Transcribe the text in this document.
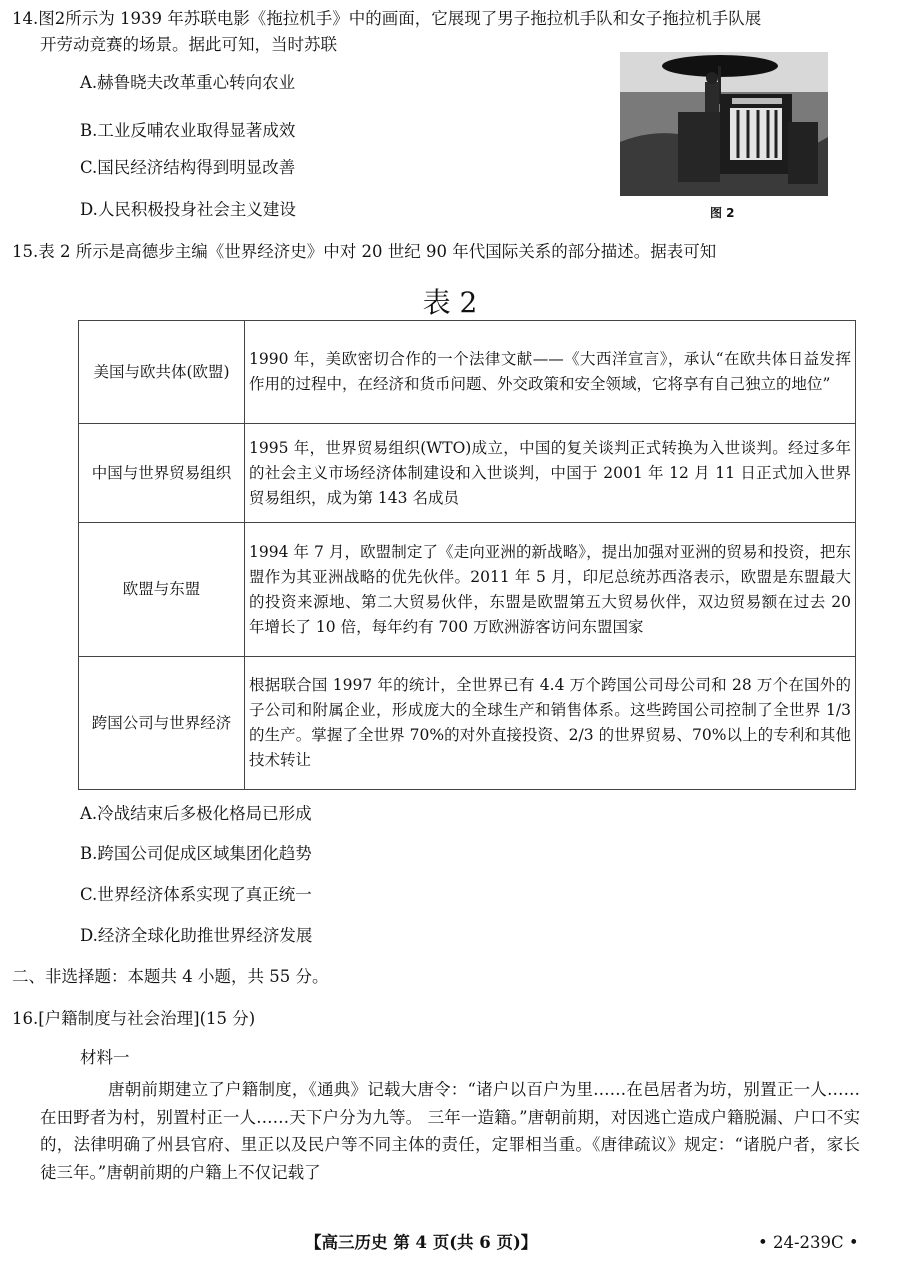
14.图2所示为 1939 年苏联电影《拖拉机手》中的画面，它展现了男子拖拉机手队和女子拖拉机手队展
开劳动竞赛的场景。据此可知，当时苏联
A.赫鲁晓夫改革重心转向农业
B.工业反哺农业取得显著成效
C.国民经济结构得到明显改善
D.人民积极投身社会主义建设	图 2
15.表 2 所示是高德步主编《世界经济史》中对 20 世纪 90 年代国际关系的部分描述。据表可知
表 2
美国与欧共体(欧盟)	1990 年，美欧密切合作的一个法律文献——《大西洋宣言》，承认“在欧共体日益发挥作用的过程中，在经济和货币问题、外交政策和安全领域，它将享有自己独立的地位”
中国与世界贸易组织	1995 年，世界贸易组织(WTO)成立，中国的复关谈判正式转换为入世谈判。经过多年的社会主义市场经济体制建设和入世谈判，中国于 2001 年 12 月 11 日正式加入世界贸易组织，成为第 143 名成员
欧盟与东盟	1994 年 7 月，欧盟制定了《走向亚洲的新战略》，提出加强对亚洲的贸易和投资，把东盟作为其亚洲战略的优先伙伴。2011 年 5 月，印尼总统苏西洛表示，欧盟是东盟最大的投资来源地、第二大贸易伙伴，东盟是欧盟第五大贸易伙伴，双边贸易额在过去 20 年增长了 10 倍，每年约有 700 万欧洲游客访问东盟国家
跨国公司与世界经济	根据联合国 1997 年的统计，全世界已有 4.4 万个跨国公司母公司和 28 万个在国外的子公司和附属企业，形成庞大的全球生产和销售体系。这些跨国公司控制了全世界 1/3 的生产。掌握了全世界 70%的对外直接投资、2/3 的世界贸易、70%以上的专利和其他技术转让
A.冷战结束后多极化格局已形成
B.跨国公司促成区域集团化趋势
C.世界经济体系实现了真正统一
D.经济全球化助推世界经济发展
二、非选择题：本题共 4 小题，共 55 分。
16.[户籍制度与社会治理](15 分)
材料一
唐朝前期建立了户籍制度，《通典》记载大唐令：“诸户以百户为里……在邑居者为坊，别置正一人……在田野者为村，别置村正一人……天下户分为九等。 三年一造籍。”唐朝前期，对因逃亡造成户籍脱漏、户口不实的，法律明确了州县官府、里正以及民户等不同主体的责任，定罪相当重。《唐律疏议》规定：“诸脱户者，家长徒三年。”唐朝前期的户籍上不仅记载了
【高三历史 第 4 页(共 6 页)】	• 24-239C •
